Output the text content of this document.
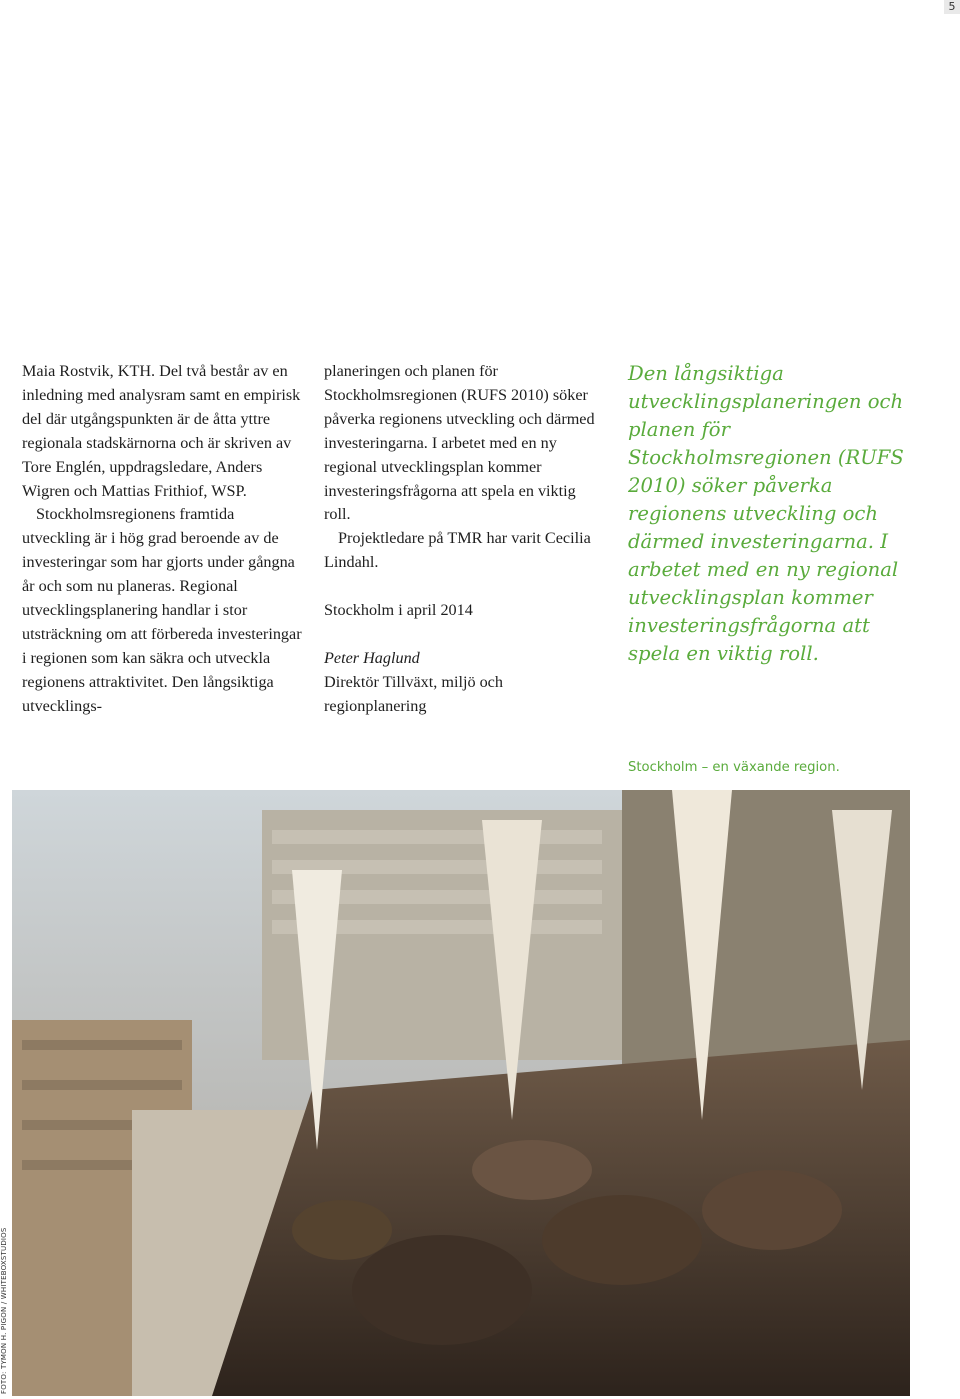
5

Maia Rostvik, KTH. Del två består av en inledning med analysram samt en empirisk del där utgångspunkten är de åtta yttre regionala stadskärnorna och är skriven av Tore Englén, uppdragsledare, Anders Wigren och Mattias Frithiof, WSP.

Stockholmsregionens framtida utveckling är i hög grad beroende av de investeringar som har gjorts under gångna år och som nu planeras. Regional utvecklingsplanering handlar i stor utsträckning om att förbereda investeringar i regionen som kan säkra och utveckla regionens attraktivitet. Den långsiktiga utvecklings-

planeringen och planen för Stockholmsregionen (RUFS 2010) söker påverka regionens utveckling och därmed investeringarna. I arbetet med en ny regional utvecklingsplan kommer investeringsfrågorna att spela en viktig roll.

Projektledare på TMR har varit Cecilia Lindahl.

Stockholm i april 2014

Peter Haglund

Direktör Tillväxt, miljö och regionplanering

Den långsiktiga utvecklingsplaneringen och planen för Stockholmsregionen (RUFS 2010) söker påverka regionens utveckling och därmed investeringarna. I arbetet med en ny regional utvecklingsplan kommer investeringsfrågorna att spela en viktig roll.
Stockholm – en växande region.
FOTO: TYMON H. PIGON / WHITEBOXSTUDIOS
